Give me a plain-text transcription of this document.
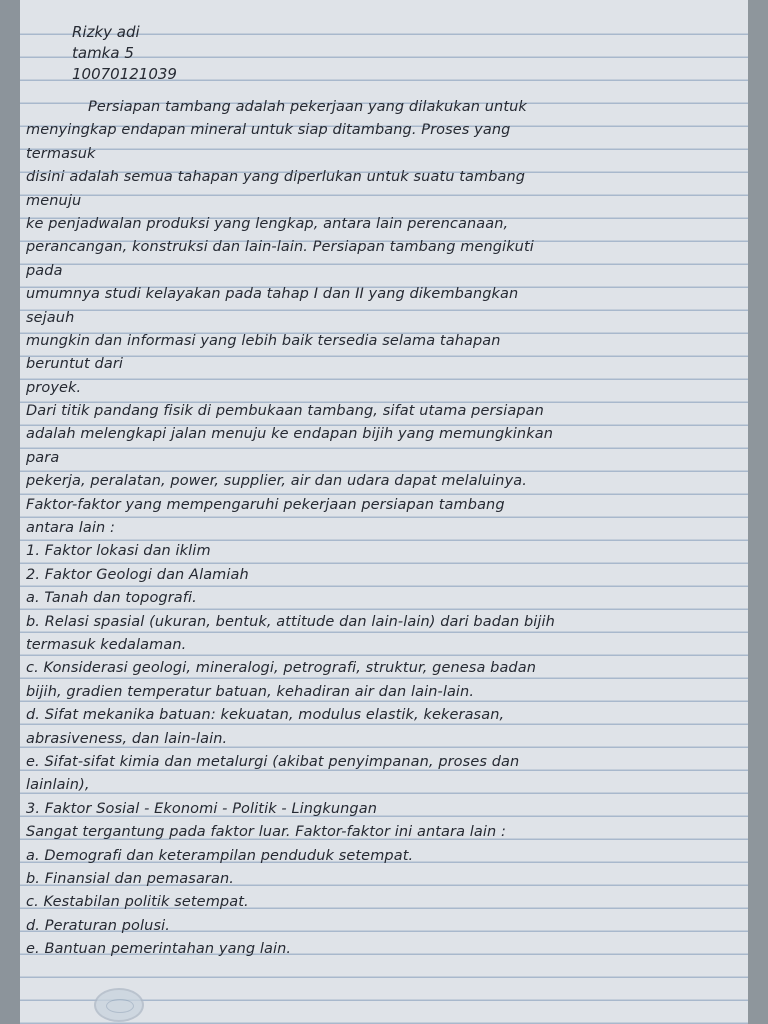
Rizky adi
tamka 5
10070121039
Persiapan tambang adalah pekerjaan yang dilakukan untuk
menyingkap endapan mineral untuk siap ditambang. Proses yang
termasuk
disini adalah semua tahapan yang diperlukan untuk suatu tambang
menuju
ke penjadwalan produksi yang lengkap, antara lain perencanaan,
perancangan, konstruksi dan lain-lain. Persiapan tambang mengikuti
pada
umumnya studi kelayakan pada tahap I dan II yang dikembangkan
sejauh
mungkin dan informasi yang lebih baik tersedia selama tahapan
beruntut dari
proyek.
Dari titik pandang fisik di pembukaan tambang, sifat utama persiapan
adalah melengkapi jalan menuju ke endapan bijih yang memungkinkan
para
pekerja, peralatan, power, supplier, air dan udara dapat melaluinya.
Faktor-faktor yang mempengaruhi pekerjaan persiapan tambang
antara lain :
1. Faktor lokasi dan iklim
2. Faktor Geologi dan Alamiah
a. Tanah dan topografi.
b. Relasi spasial (ukuran, bentuk, attitude dan lain-lain) dari badan bijih
termasuk kedalaman.
c. Konsiderasi geologi, mineralogi, petrografi, struktur, genesa badan
bijih, gradien temperatur batuan, kehadiran air dan lain-lain.
d. Sifat mekanika batuan: kekuatan, modulus elastik, kekerasan,
abrasiveness, dan lain-lain.
e. Sifat-sifat kimia dan metalurgi (akibat penyimpanan, proses dan
lainlain),
3. Faktor Sosial - Ekonomi - Politik - Lingkungan
Sangat tergantung pada faktor luar. Faktor-faktor ini antara lain :
a. Demografi dan keterampilan penduduk setempat.
b. Finansial dan pemasaran.
c. Kestabilan politik setempat.
d. Peraturan polusi.
e. Bantuan pemerintahan yang lain.
